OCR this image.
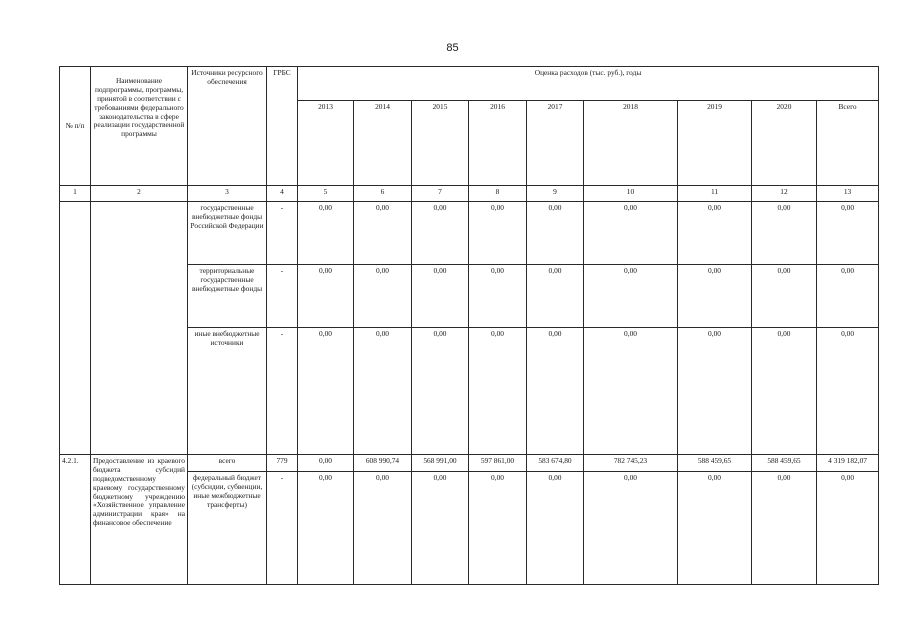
85
№ п/п	Наименование подпрограммы, программы, принятой в соответствии с требованиями федерального законодательства в сфере реализации государственной программы	Источники ресурсного обеспечения	ГРБС	Оценка расходов (тыс. руб.), годы								
				2013	2014	2015	2016	2017	2018	2019	2020	Всего
1	2	3	4	5	6	7	8	9	10	11	12	13
		государственные внебюджетные фонды Российской Федерации	-	0,00	0,00	0,00	0,00	0,00	0,00	0,00	0,00	0,00
		территориальные государственные внебюджетные фонды	-	0,00	0,00	0,00	0,00	0,00	0,00	0,00	0,00	0,00
		иные внебюджетные источники	-	0,00	0,00	0,00	0,00	0,00	0,00	0,00	0,00	0,00
4.2.1.	Предоставление из краевого бюджета субсидий подведомственному краевому государственному бюджетному учреждению «Хозяйственное управление администрации края» на финансовое обеспечение	всего	779	0,00	608 990,74	568 991,00	597 861,00	583 674,80	782 745,23	588 459,65	588 459,65	4 319 182,07
		федеральный бюджет (субсидии, субвенции, иные межбюджетные трансферты)	-	0,00	0,00	0,00	0,00	0,00	0,00	0,00	0,00	0,00
